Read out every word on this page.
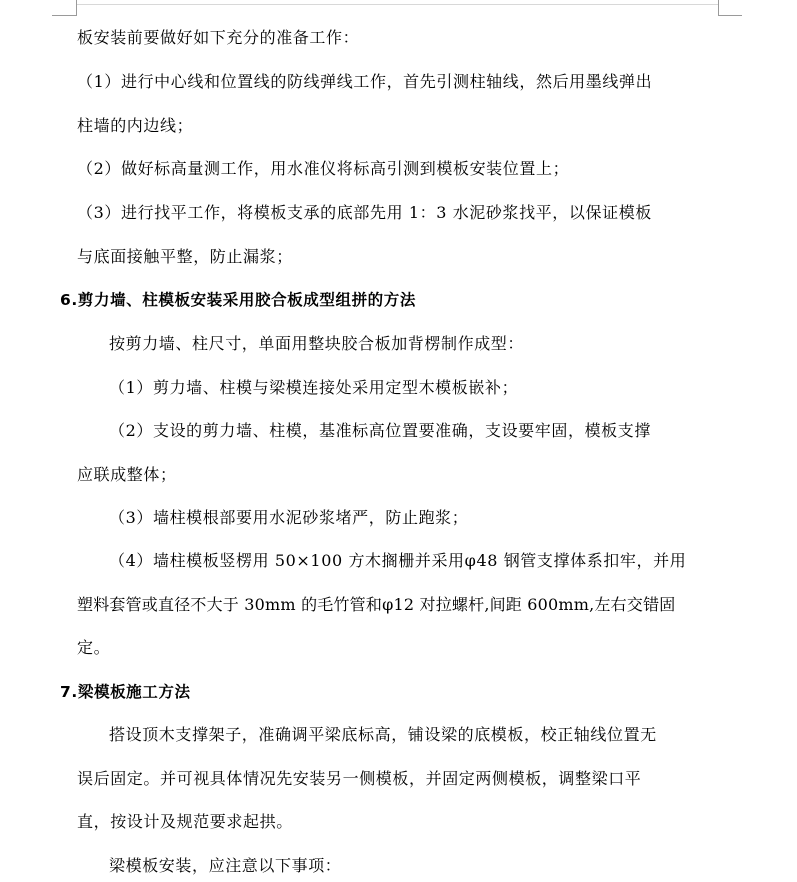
板安装前要做好如下充分的准备工作：
（1）进行中心线和位置线的防线弹线工作，首先引测柱轴线，然后用墨线弹出
柱墙的内边线；
（2）做好标高量测工作，用水准仪将标高引测到模板安装位置上；
（3）进行找平工作，将模板支承的底部先用 1：3 水泥砂浆找平，以保证模板
与底面接触平整，防止漏浆；
6.剪力墙、柱模板安装采用胶合板成型组拼的方法
按剪力墙、柱尺寸，单面用整块胶合板加背楞制作成型：
（1）剪力墙、柱模与梁模连接处采用定型木模板嵌补；
（2）支设的剪力墙、柱模，基准标高位置要准确，支设要牢固，模板支撑
应联成整体；
（3）墙柱模根部要用水泥砂浆堵严，防止跑浆；
（4）墙柱模板竖楞用 50×100 方木搁栅并采用φ48 钢管支撑体系扣牢，并用
塑料套管或直径不大于 30mm 的毛竹管和φ12 对拉螺杆,间距 600mm,左右交错固
定。
7.梁模板施工方法
搭设顶木支撑架子，准确调平梁底标高，铺设梁的底模板，校正轴线位置无
误后固定。并可视具体情况先安装另一侧模板，并固定两侧模板，调整梁口平
直，按设计及规范要求起拱。
梁模板安装，应注意以下事项：
